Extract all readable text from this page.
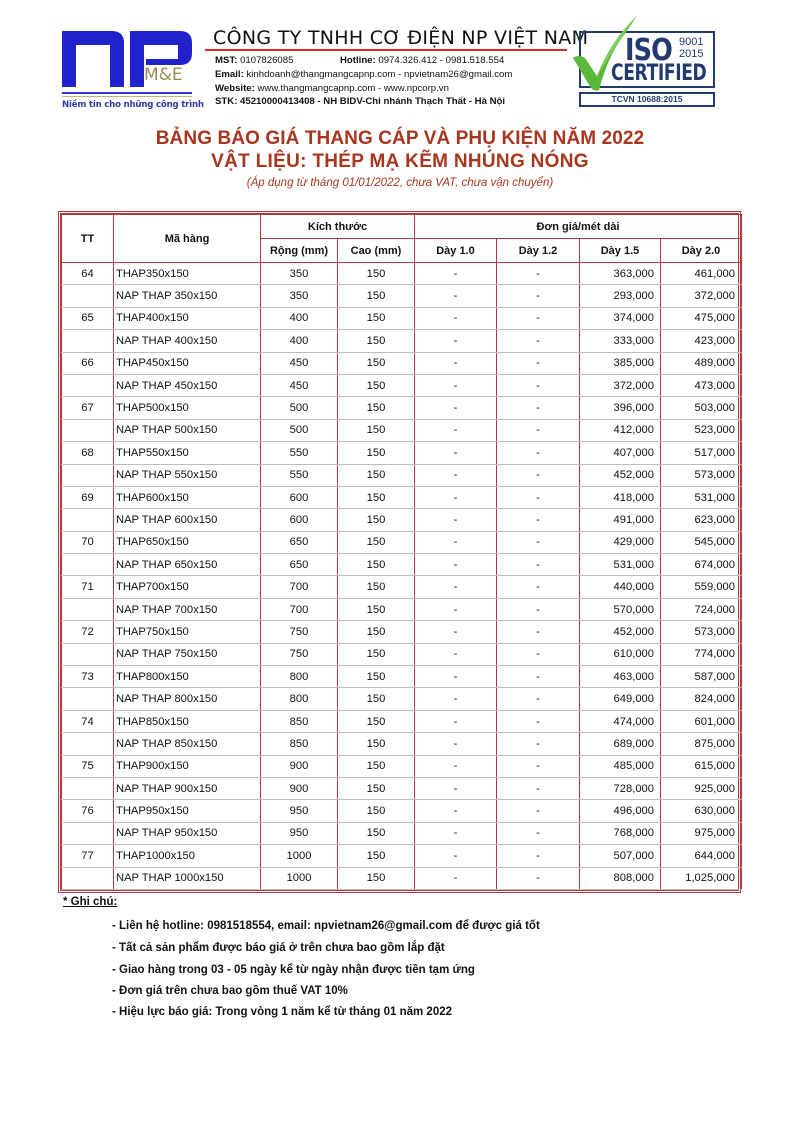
M&E
Niềm tin cho những công trình
CÔNG TY TNHH CƠ ĐIỆN NP VIỆT NAM
MST: 0107826085	Hotline: 0974.326.412 - 0981.518.554
Email: kinhdoanh@thangmangcapnp.com - npvietnam26@gmail.com
Website: www.thangmangcapnp.com - www.npcorp.vn
STK: 45210000413408 - NH BIDV-Chi nhánh Thạch Thất - Hà Nội
ISO 9001
2015
CERTIFIED
TCVN 10688:2015
BẢNG BÁO GIÁ THANG CÁP VÀ PHỤ KIỆN NĂM 2022
VẬT LIỆU: THÉP MẠ KẼM NHÚNG NÓNG
(Áp dụng từ tháng 01/01/2022, chưa VAT, chưa vận chuyển)
TT	Mã hàng	Kích thước		Đơn giá/mét dài			
		Rộng (mm)	Cao (mm)	Dày 1.0	Dày 1.2	Dày 1.5	Dày 2.0
64	THAP350x150	350	150	-	-	363,000	461,000
	NAP THAP 350x150	350	150	-	-	293,000	372,000
65	THAP400x150	400	150	-	-	374,000	475,000
	NAP THAP 400x150	400	150	-	-	333,000	423,000
66	THAP450x150	450	150	-	-	385,000	489,000
	NAP THAP 450x150	450	150	-	-	372,000	473,000
67	THAP500x150	500	150	-	-	396,000	503,000
	NAP THAP 500x150	500	150	-	-	412,000	523,000
68	THAP550x150	550	150	-	-	407,000	517,000
	NAP THAP 550x150	550	150	-	-	452,000	573,000
69	THAP600x150	600	150	-	-	418,000	531,000
	NAP THAP 600x150	600	150	-	-	491,000	623,000
70	THAP650x150	650	150	-	-	429,000	545,000
	NAP THAP 650x150	650	150	-	-	531,000	674,000
71	THAP700x150	700	150	-	-	440,000	559,000
	NAP THAP 700x150	700	150	-	-	570,000	724,000
72	THAP750x150	750	150	-	-	452,000	573,000
	NAP THAP 750x150	750	150	-	-	610,000	774,000
73	THAP800x150	800	150	-	-	463,000	587,000
	NAP THAP 800x150	800	150	-	-	649,000	824,000
74	THAP850x150	850	150	-	-	474,000	601,000
	NAP THAP 850x150	850	150	-	-	689,000	875,000
75	THAP900x150	900	150	-	-	485,000	615,000
	NAP THAP 900x150	900	150	-	-	728,000	925,000
76	THAP950x150	950	150	-	-	496,000	630,000
	NAP THAP 950x150	950	150	-	-	768,000	975,000
77	THAP1000x150	1000	150	-	-	507,000	644,000
	NAP THAP 1000x150	1000	150	-	-	808,000	1,025,000
* Ghi chú:
- Liên hệ hotline: 0981518554, email: npvietnam26@gmail.com để được giá tốt
- Tất cả sản phẩm được báo giá ở trên chưa bao gồm lắp đặt
- Giao hàng trong 03 - 05 ngày kể từ ngày nhận được tiền tạm ứng
- Đơn giá trên chưa bao gồm thuế VAT 10%
- Hiệu lực báo giá: Trong vòng 1 năm kể từ tháng 01 năm 2022
